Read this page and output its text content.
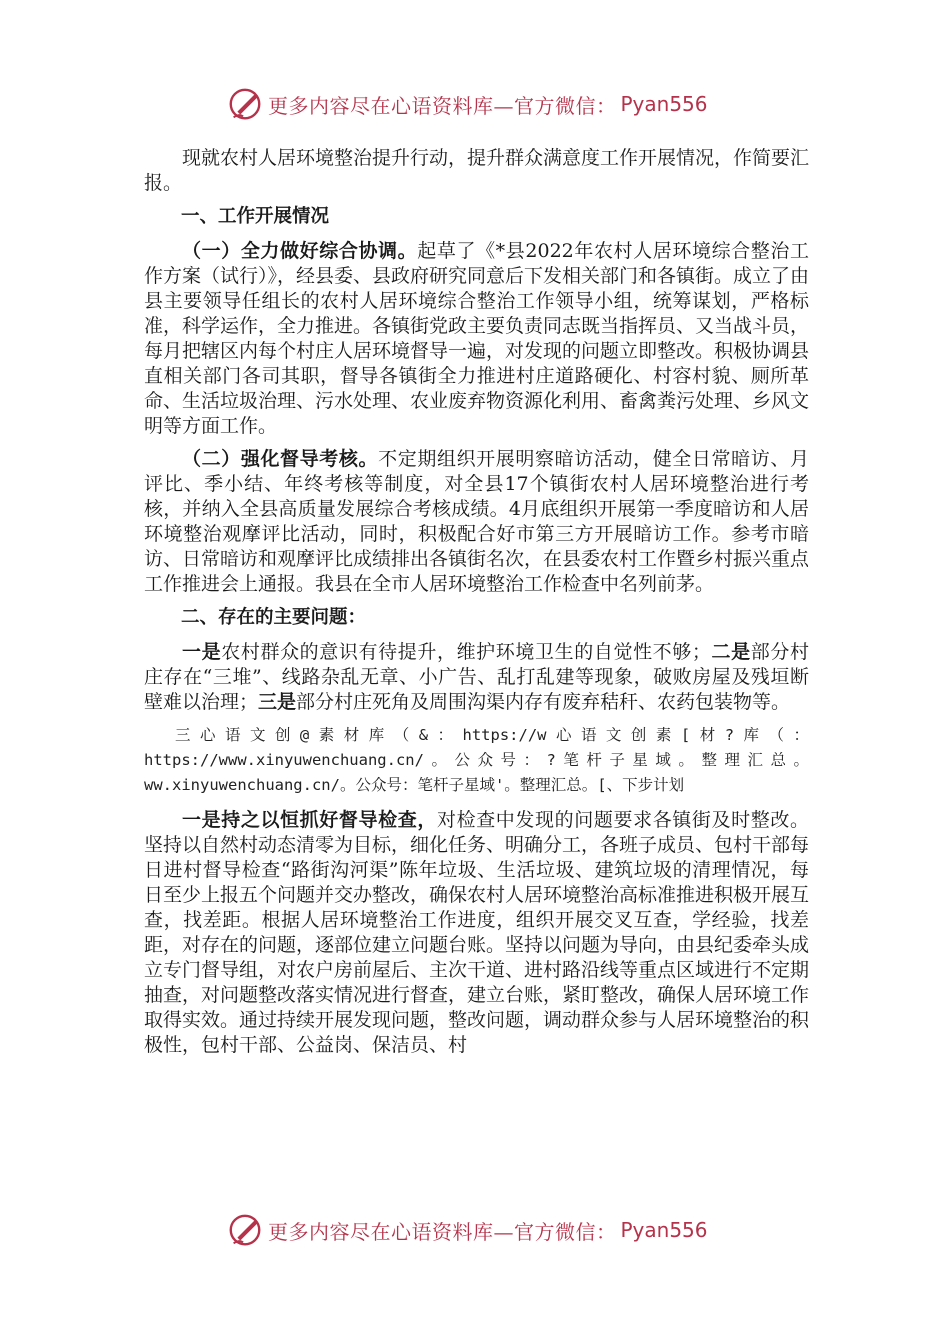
更多内容尽在心语资料库—官方微信： Pyan556

现就农村人居环境整治提升行动，提升群众满意度工作开展情况，作简要汇报。

一、工作开展情况

（一）全力做好综合协调。起草了《*县2022年农村人居环境综合整治工作方案（试行）》，经县委、县政府研究同意后下发相关部门和各镇街。成立了由县主要领导任组长的农村人居环境综合整治工作领导小组，统筹谋划，严格标准，科学运作，全力推进。各镇街党政主要负责同志既当指挥员、又当战斗员，每月把辖区内每个村庄人居环境督导一遍，对发现的问题立即整改。积极协调县直相关部门各司其职，督导各镇街全力推进村庄道路硬化、村容村貌、厕所革命、生活垃圾治理、污水处理、农业废弃物资源化利用、畜禽粪污处理、乡风文明等方面工作。

（二）强化督导考核。不定期组织开展明察暗访活动，健全日常暗访、月评比、季小结、年终考核等制度，对全县17个镇街农村人居环境整治进行考核，并纳入全县高质量发展综合考核成绩。4月底组织开展第一季度暗访和人居环境整治观摩评比活动，同时，积极配合好市第三方开展暗访工作。参考市暗访、日常暗访和观摩评比成绩排出各镇街名次，在县委农村工作暨乡村振兴重点工作推进会上通报。我县在全市人居环境整治工作检查中名列前茅。

二、存在的主要问题：

一是农村群众的意识有待提升，维护环境卫生的自觉性不够；二是部分村庄存在“三堆”、线路杂乱无章、小广告、乱打乱建等现象，破败房屋及残垣断壁难以治理；三是部分村庄死角及周围沟渠内存有废弃秸秆、农药包装物等。

三心语文创@素材库（&：https://w心语文创素[材?库（：https://www.xinyuwenchuang.cn/。公众号：?笔杆子星域。整理汇总。ww.xinyuwenchuang.cn/。公众号：笔杆子星域'。整理汇总。[、下步计划

一是持之以恒抓好督导检查，对检查中发现的问题要求各镇街及时整改。坚持以自然村动态清零为目标，细化任务、明确分工，各班子成员、包村干部每日进村督导检查“路街沟河渠”陈年垃圾、生活垃圾、建筑垃圾的清理情况，每日至少上报五个问题并交办整改，确保农村人居环境整治高标准推进积极开展互查，找差距。根据人居环境整治工作进度，组织开展交叉互查，学经验，找差距，对存在的问题，逐部位建立问题台账。坚持以问题为导向，由县纪委牵头成立专门督导组，对农户房前屋后、主次干道、进村路沿线等重点区域进行不定期抽查，对问题整改落实情况进行督查，建立台账，紧盯整改，确保人居环境工作取得实效。通过持续开展发现问题，整改问题，调动群众参与人居环境整治的积极性，包村干部、公益岗、保洁员、村

更多内容尽在心语资料库—官方微信： Pyan556
